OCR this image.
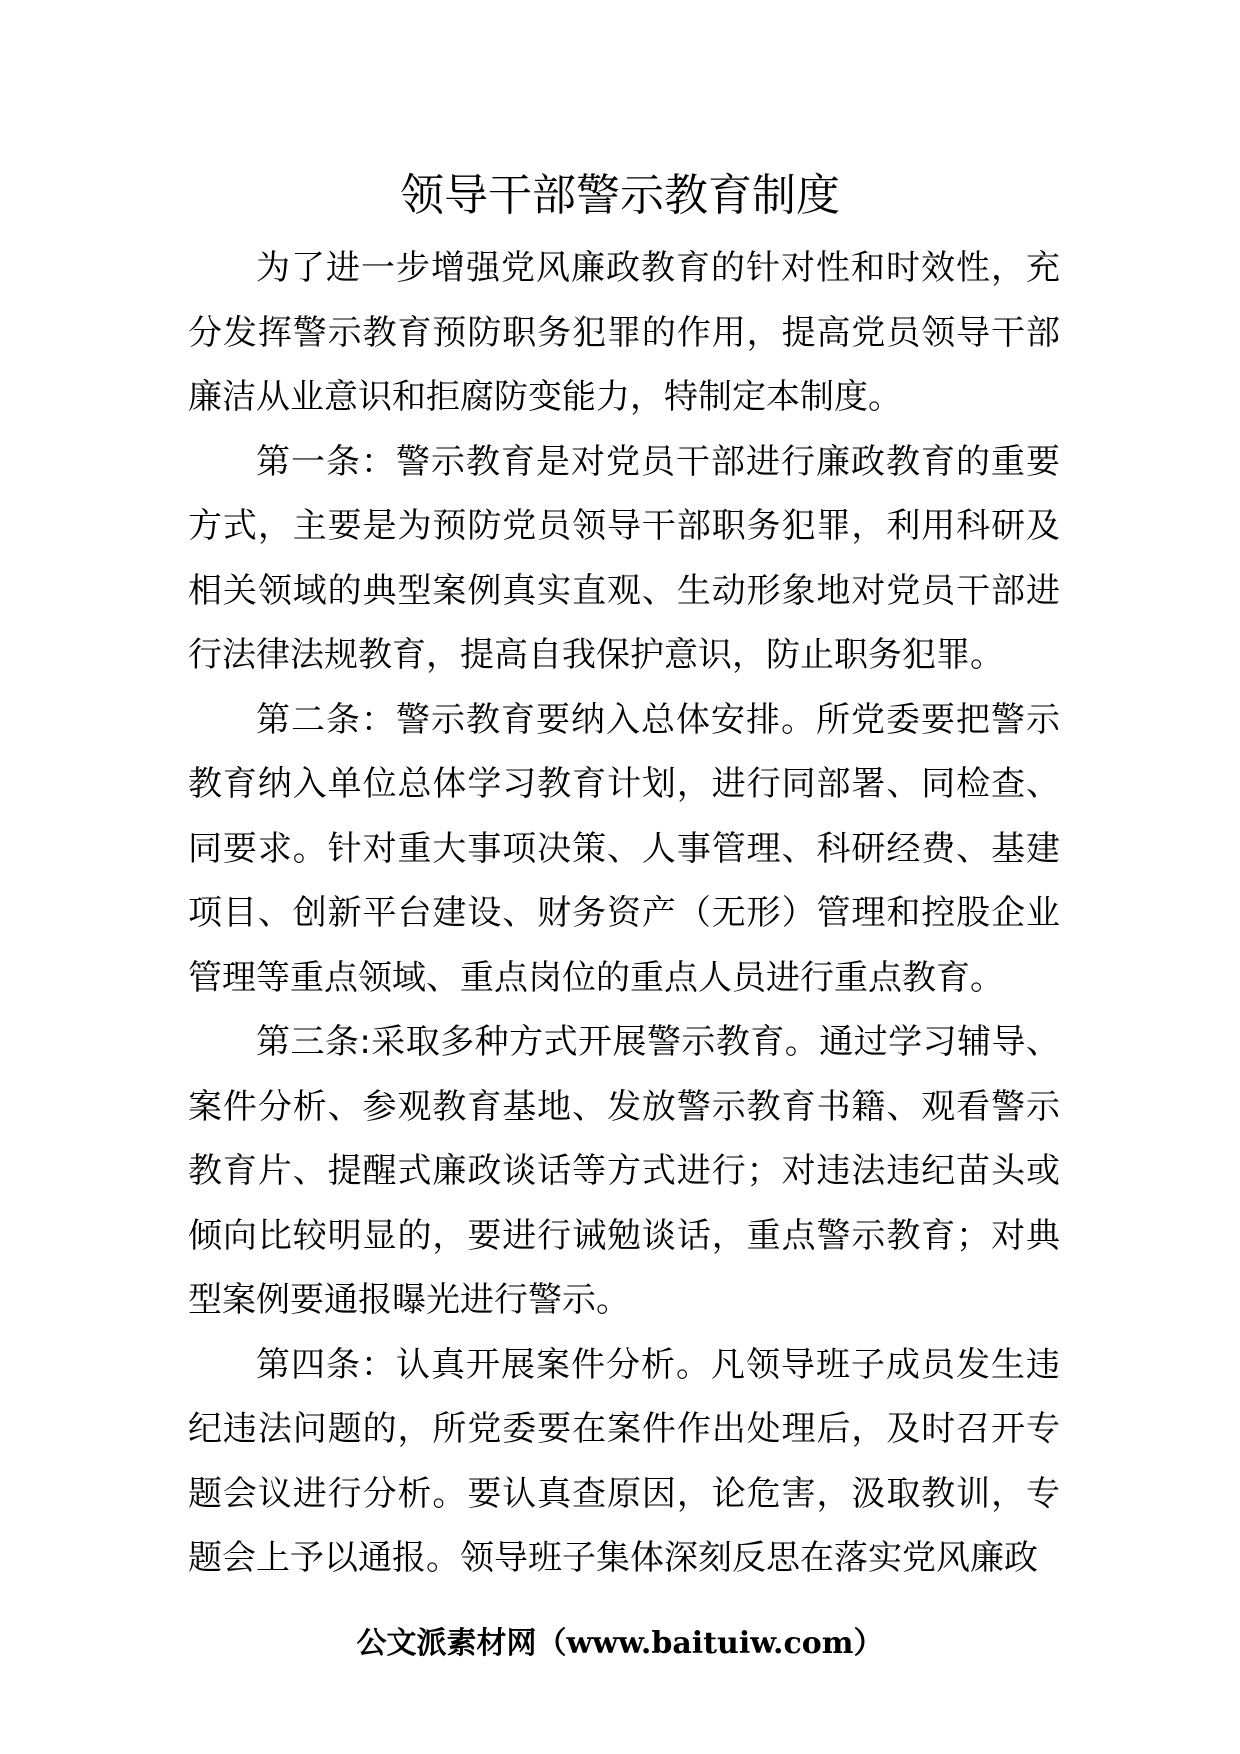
领导干部警示教育制度

为了进一步增强党风廉政教育的针对性和时效性，充分发挥警示教育预防职务犯罪的作用，提高党员领导干部廉洁从业意识和拒腐防变能力，特制定本制度。

第一条：警示教育是对党员干部进行廉政教育的重要方式，主要是为预防党员领导干部职务犯罪，利用科研及相关领域的典型案例真实直观、生动形象地对党员干部进行法律法规教育，提高自我保护意识，防止职务犯罪。

第二条：警示教育要纳入总体安排。所党委要把警示教育纳入单位总体学习教育计划，进行同部署、同检查、同要求。针对重大事项决策、人事管理、科研经费、基建项目、创新平台建设、财务资产（无形）管理和控股企业管理等重点领域、重点岗位的重点人员进行重点教育。

第三条:采取多种方式开展警示教育。通过学习辅导、案件分析、参观教育基地、发放警示教育书籍、观看警示教育片、提醒式廉政谈话等方式进行；对违法违纪苗头或倾向比较明显的，要进行诫勉谈话，重点警示教育；对典型案例要通报曝光进行警示。

第四条：认真开展案件分析。凡领导班子成员发生违纪违法问题的，所党委要在案件作出处理后，及时召开专题会议进行分析。要认真查原因，论危害，汲取教训，专题会上予以通报。领导班子集体深刻反思在落实党风廉政

公文派素材网（www.baituiw.com）
